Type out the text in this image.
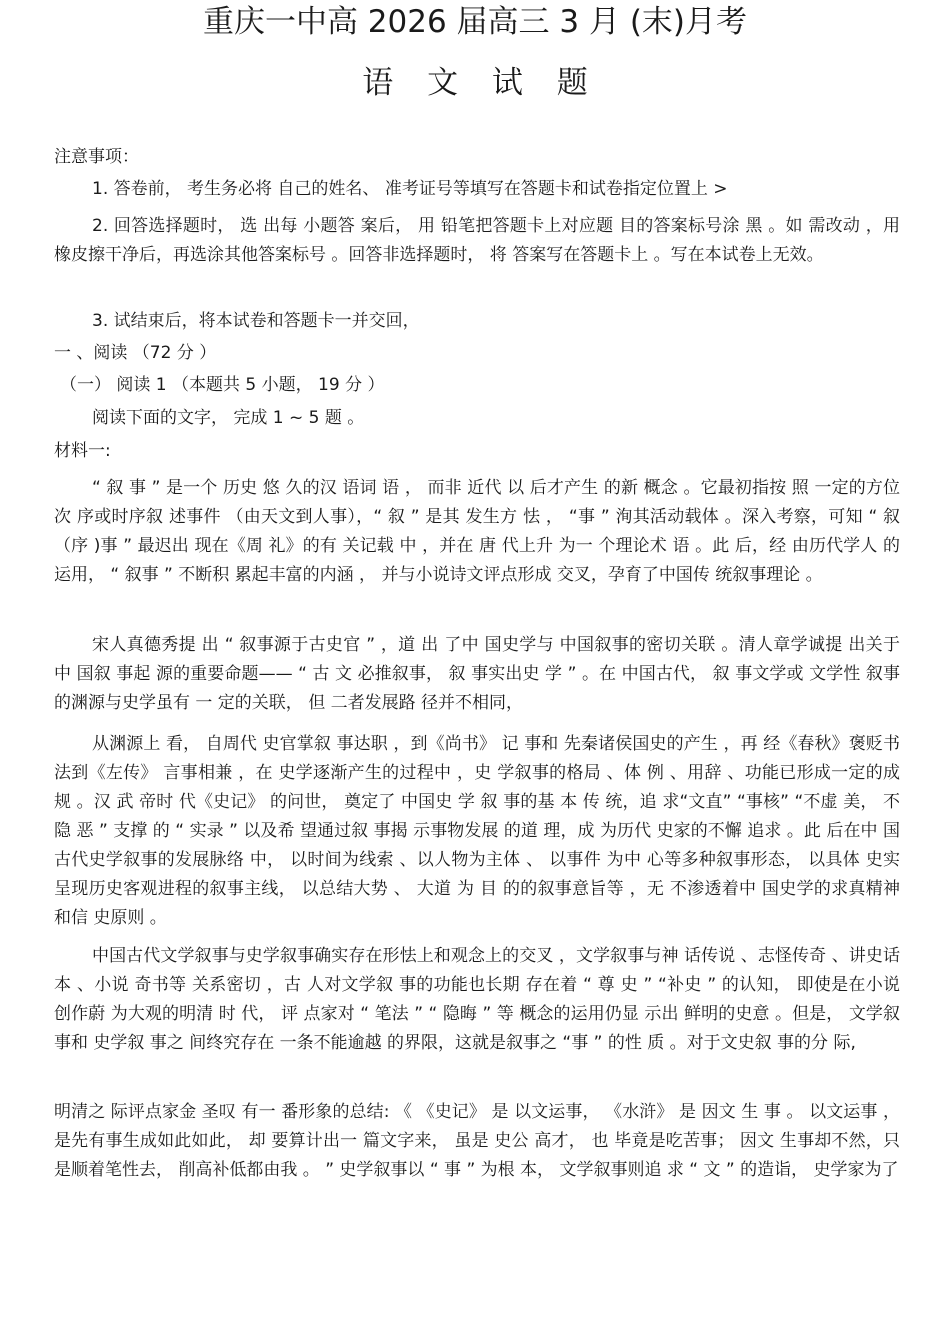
重庆一中高 2026 届高三 3 月 (末)月考
语 文 试 题
注意事项：
1. 答卷前， 考生务必将 自己的姓名、 准考证号等填写在答题卡和试卷指定位置上 >
2. 回答选择题时， 选 出每 小题答 案后， 用 铅笔把答题卡上对应题 目的答案标号涂 黑 。如 需改动 ，用橡皮擦干净后，再选涂其他答案标号 。回答非选择题时， 将 答案写在答题卡上 。写在本试卷上无效。
3. 试结束后，将本试卷和答题卡一并交回，
一 、阅读 （72 分 ）
（一） 阅读 1 （本题共 5 小题， 19 分 ）
阅读下面的文字， 完成 1 ~ 5 题 。
材料一:
“ 叙 事 ” 是一个 历史 悠 久的汉 语词 语 ， 而非 近代 以 后才产生 的新 概念 。它最初指按 照 一定的方位次 序或时序叙 述事件 （由天文到人事），“ 叙 ” 是其 发生方 怯 ， “事 ” 洵其活动载体 。深入考察，可知 “ 叙 （序 )事 ” 最迟出 现在《周 礼》的有 关记载 中 ，并在 唐 代上升 为一 个理论术 语 。此 后，经 由历代学人 的运用， “ 叙事 ” 不断积 累起丰富的内涵 ， 并与小说诗文评点形成 交叉，孕育了中国传 统叙事理论 。
宋人真德秀提 出 “ 叙事源于古史官 ” ，道 出 了中 国史学与 中国叙事的密切关联 。清人章学诚提 出关于中 国叙 事起 源的重要命题—— “ 古 文 必推叙事， 叙 事实出史 学 ” 。在 中国古代， 叙 事文学或 文学性 叙事的渊源与史学虽有 一 定的关联， 但 二者发展路 径并不相同，
从渊源上 看， 自周代 史官掌叙 事达职 ，到《尚书》 记 事和 先秦诸侯国史的产生 ，再 经《春秋》褒贬书法到《左传》 言事相兼 ，在 史学逐渐产生的过程中 ，史 学叙事的格局 、体 例 、用辞 、功能已形成一定的成规 。汉 武 帝时 代《史记》 的问世， 奠定了 中国史 学 叙 事的基 本 传 统，追 求“文直” “事核” “不虚 美， 不隐 恶 ” 支撑 的 “ 实录 ” 以及希 望通过叙 事揭 示事物发展 的道 理，成 为历代 史家的不懈 追求 。此 后在中 国古代史学叙事的发展脉络 中， 以时间为线索 、以人物为主体 、 以事件 为中 心等多种叙事形态， 以具体 史实呈现历史客观进程的叙事主线， 以总结大势 、 大道 为 目 的的叙事意旨等 ，无 不渗透着中 国史学的求真精神 和信 史原则 。
中国古代文学叙事与史学叙事确实存在形怯上和观念上的交叉 ，文学叙事与神 话传说 、志怪传奇 、讲史话本 、小说 奇书等 关系密切 ，古 人对文学叙 事的功能也长期 存在着 “ 尊 史 ” “补史 ” 的认知， 即使是在小说 创作蔚 为大观的明清 时 代， 评 点家对 “ 笔法 ” “ 隐晦 ” 等 概念的运用仍显 示出 鲜明的史意 。但是， 文学叙事和 史学叙 事之 间终究存在 一条不能逾越 的界限，这就是叙事之 “事 ” 的性 质 。对于文史叙 事的分 际,
明清之 际评点家金 圣叹 有一 番形象的总结: 《 《史记》 是 以文运事， 《水浒》 是 因文 生 事 。 以文运事 ，是先有事生成如此如此， 却 要算计出一 篇文字来， 虽是 史公 高才， 也 毕竟是吃苦事； 因文 生事却不然，只是顺着笔性去， 削高补低都由我 。 ” 史学叙事以 “ 事 ” 为根 本， 文学叙事则追 求 “ 文 ” 的造诣， 史学家为了
